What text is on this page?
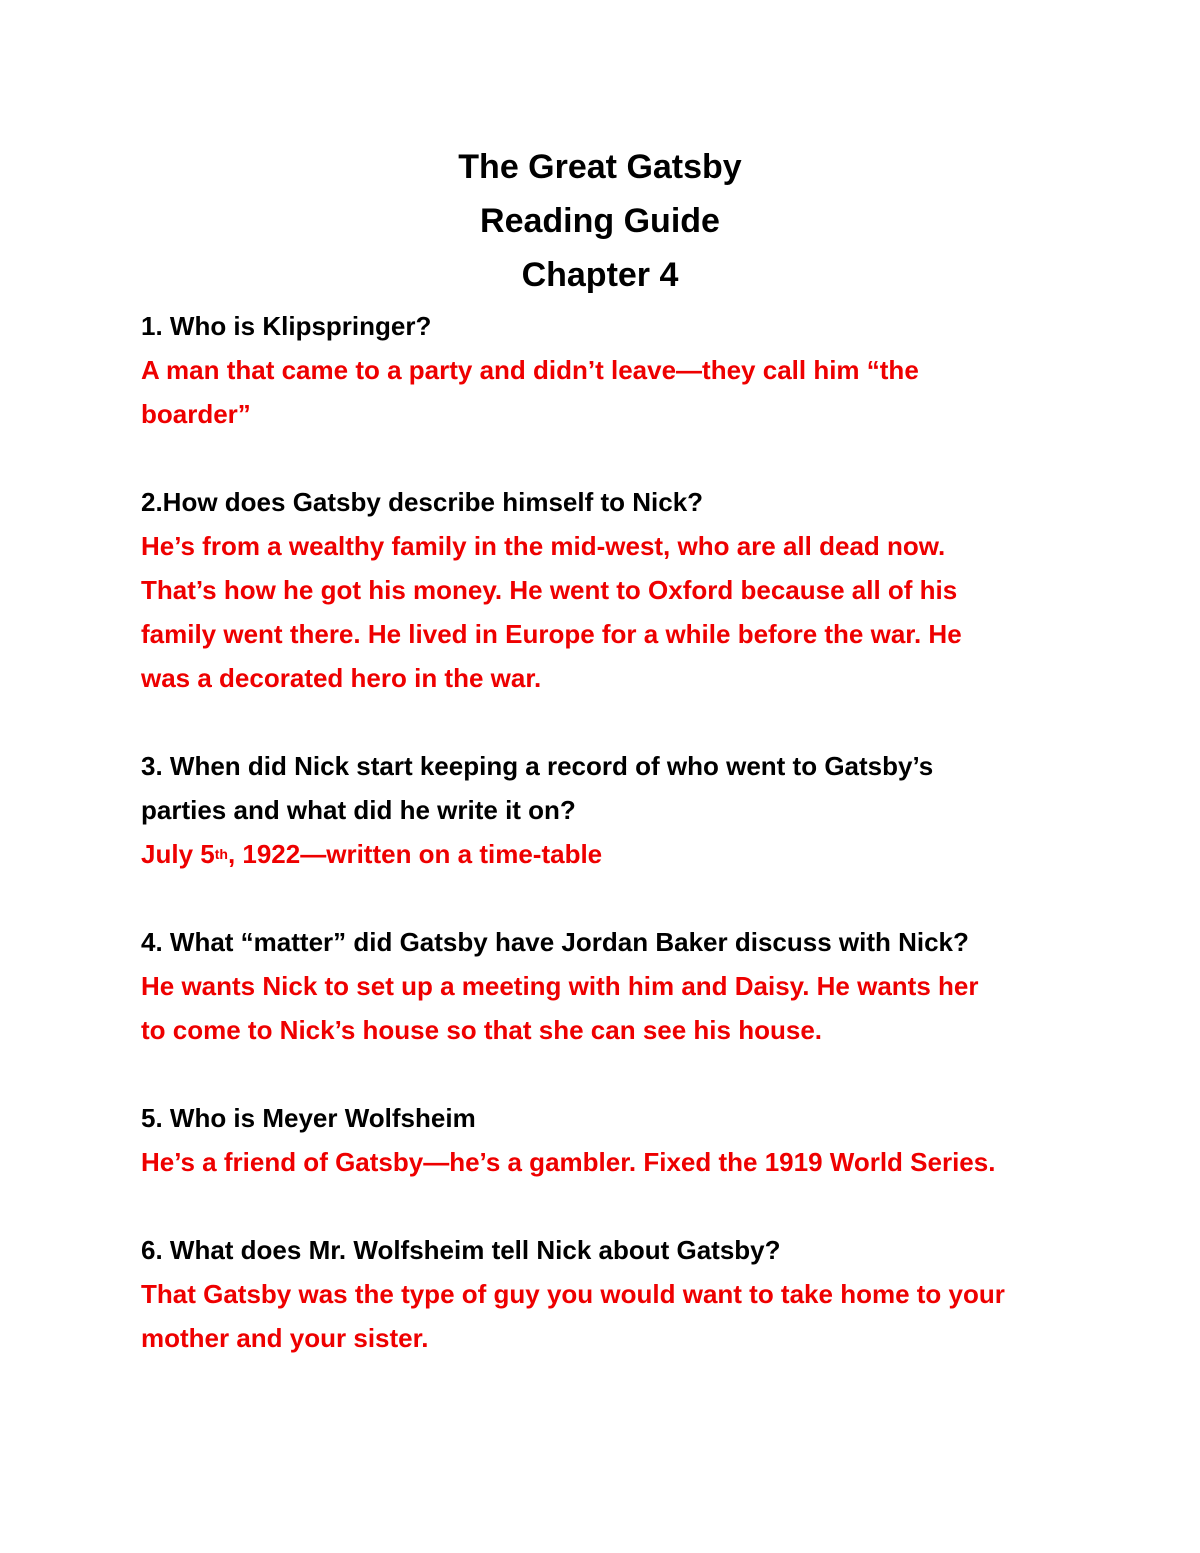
The Great Gatsby

Reading Guide

Chapter 4

1. Who is Klipspringer?

A man that came to a party and didn’t leave—they call him “the

boarder”

2.How does Gatsby describe himself to Nick?

He’s from a wealthy family in the mid-west, who are all dead now.

That’s how he got his money. He went to Oxford because all of his

family went there. He lived in Europe for a while before the war. He

was a decorated hero in the war.

3. When did Nick start keeping a record of who went to Gatsby’s

parties and what did he write it on?

July 5th, 1922—written on a time-table

4. What “matter” did Gatsby have Jordan Baker discuss with Nick?

He wants Nick to set up a meeting with him and Daisy. He wants her

to come to Nick’s house so that she can see his house.

5. Who is Meyer Wolfsheim

He’s a friend of Gatsby—he’s a gambler. Fixed the 1919 World Series.

6. What does Mr. Wolfsheim tell Nick about Gatsby?

That Gatsby was the type of guy you would want to take home to your

mother and your sister.
